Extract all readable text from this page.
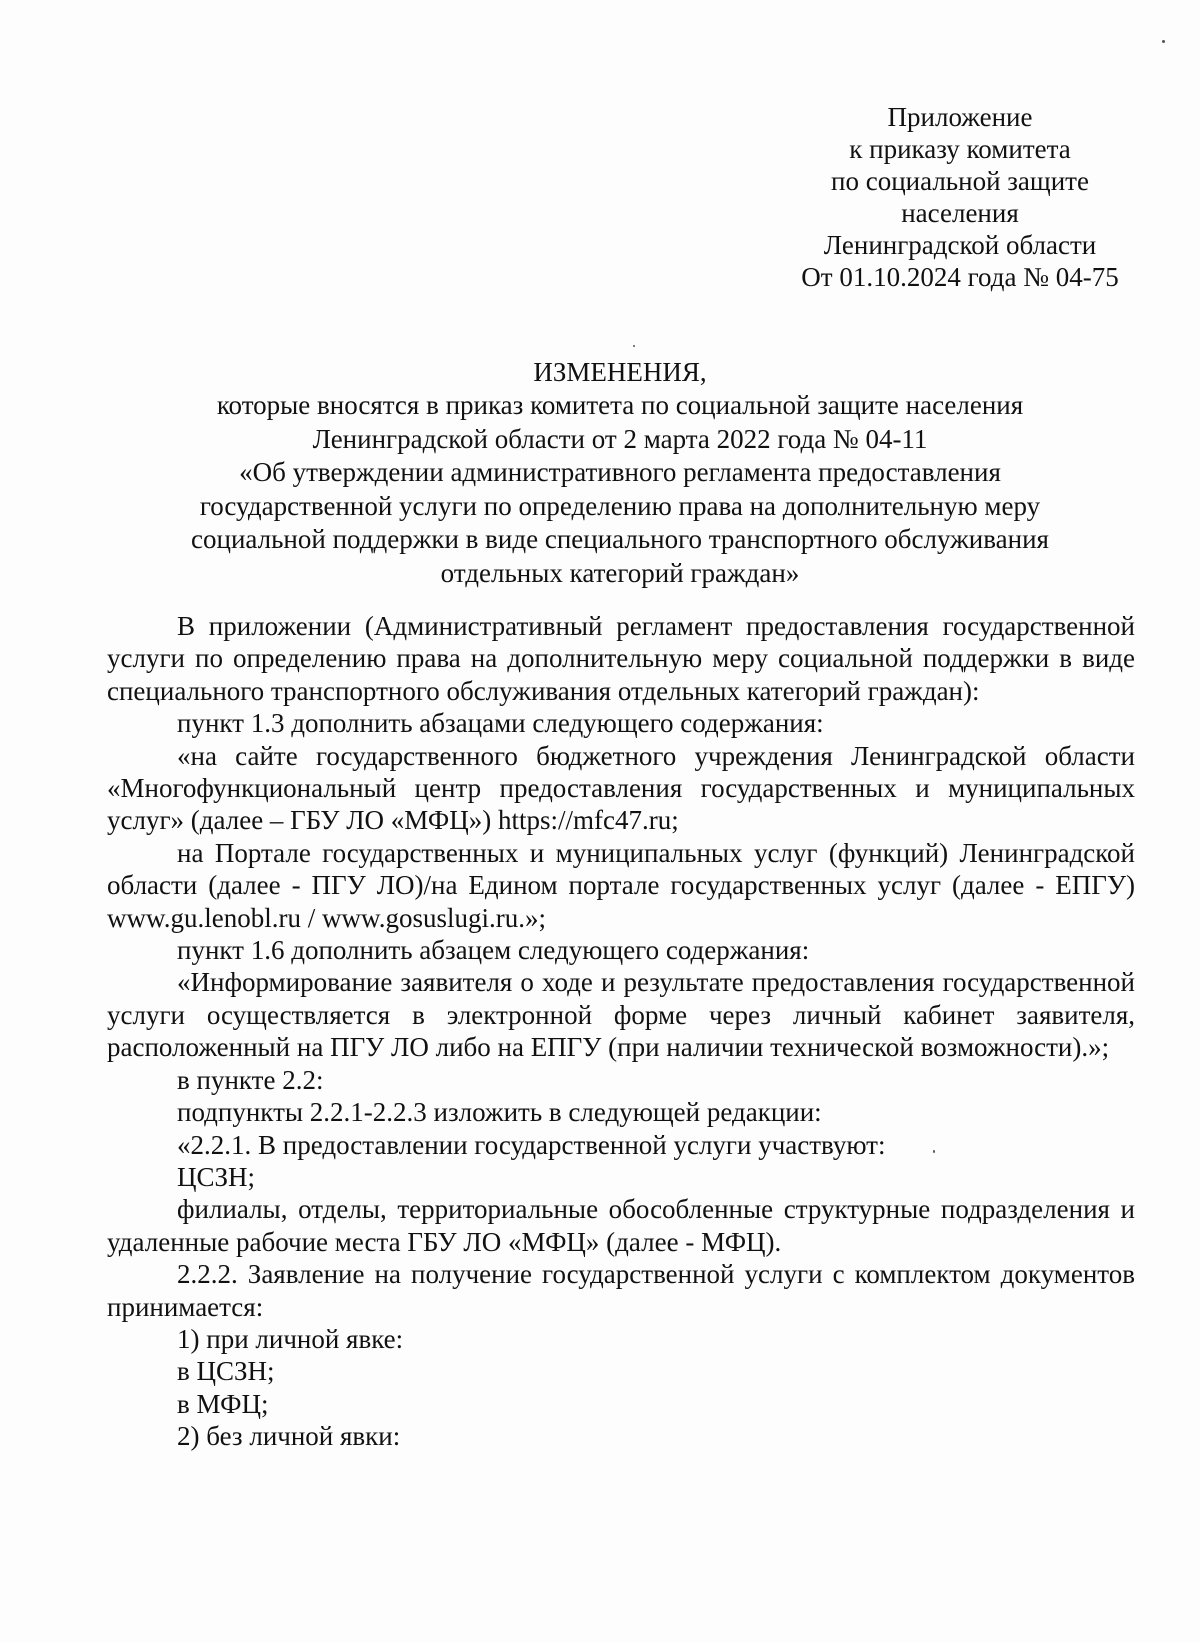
Приложение
к приказу комитета
по социальной защите
населения
Ленинградской области
От 01.10.2024 года № 04-75
ИЗМЕНЕНИЯ,
которые вносятся в приказ комитета по социальной защите населения
Ленинградской области от 2 марта 2022 года № 04-11
«Об утверждении административного регламента предоставления
государственной услуги по определению права на дополнительную меру
социальной поддержки в виде специального транспортного обслуживания
отдельных категорий граждан»

В приложении (Административный регламент предоставления государственной услуги по определению права на дополнительную меру социальной поддержки в виде специального транспортного обслуживания отдельных категорий граждан):

пункт 1.3 дополнить абзацами следующего содержания:

«на сайте государственного бюджетного учреждения Ленинградской области «Многофункциональный центр предоставления государственных и муниципальных услуг» (далее – ГБУ ЛО «МФЦ») https://mfc47.ru;

на Портале государственных и муниципальных услуг (функций) Ленинградской области (далее - ПГУ ЛО)/на Едином портале государственных услуг (далее - ЕПГУ) www.gu.lenobl.ru / www.gosuslugi.ru.»;

пункт 1.6 дополнить абзацем следующего содержания:

«Информирование заявителя о ходе и результате предоставления государственной услуги осуществляется в электронной форме через личный кабинет заявителя, расположенный на ПГУ ЛО либо на ЕПГУ (при наличии технической возможности).»;

в пункте 2.2:

подпункты 2.2.1-2.2.3 изложить в следующей редакции:

«2.2.1. В предоставлении государственной услуги участвуют:

ЦСЗН;

филиалы, отделы, территориальные обособленные структурные подразделения и удаленные рабочие места ГБУ ЛО «МФЦ» (далее - МФЦ).

2.2.2. Заявление на получение государственной услуги с комплектом документов принимается:

1) при личной явке:

в ЦСЗН;

в МФЦ;

2) без личной явки:
